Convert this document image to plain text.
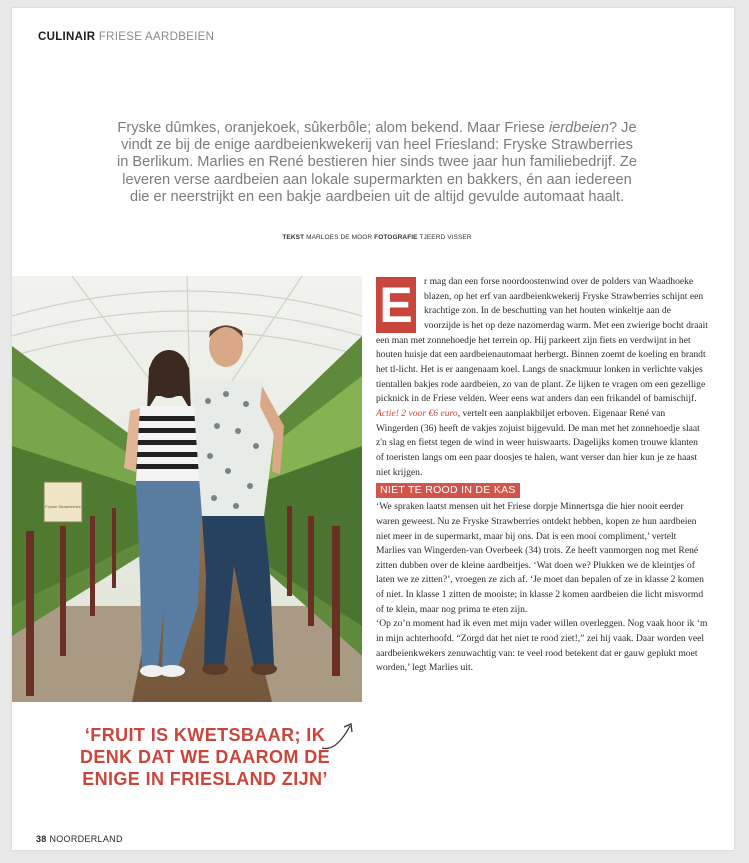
CULINAIR FRIESE AARDBEIEN
Fryske dûmkes, oranjekoek, sûkerbôle; alom bekend. Maar Friese ierdbeien? Je vindt ze bij de enige aardbeienkwekerij van heel Friesland: Fryske Strawberries in Berlikum. Marlies en René bestieren hier sinds twee jaar hun familiebedrijf. Ze leveren verse aardbeien aan lokale supermarkten en bakkers, én aan iedereen die er neerstrijkt en een bakje aardbeien uit de altijd gevulde automaat haalt.
TEKST MARLOES DE MOOR FOTOGRAFIE TJEERD VISSER
Fryske Strawberries
‘FRUIT IS KWETSBAAR; IK DENK DAT WE DAAROM DE ENIGE IN FRIESLAND ZIJN’
E	r mag dan een forse noordoostenwind over de polders van Waadhoeke blazen, op het erf van aardbeienkwekerij Fryske Strawberries schijnt een krachtige zon. In de beschutting van het houten winkeltje aan de voorzijde is het op deze nazomerdag warm. Met een zwierige bocht draait een man met zonnehoedje het terrein op. Hij parkeert zijn fiets en verdwijnt in het houten huisje dat een aardbeienautomaat herbergt. Binnen zoemt de koeling en brandt het tl-licht. Het is er aangenaam koel. Langs de snackmuur lonken in verlichte vakjes tientallen bakjes rode aardbeien, zo van de plant. Ze lijken te vragen om een gezellige picknick in de Friese velden. Weer eens wat anders dan een frikandel of bamischijf. Actie! 2 voor €6 euro, vertelt een aanplakbiljet erboven. Eigenaar René van Wingerden (36) heeft de vakjes zojuist bijgevuld. De man met het zonnehoedje slaat z'n slag en fietst tegen de wind in weer huiswaarts. Dagelijks komen trouwe klanten of toeristen langs om een paar doosjes te halen, want verser dan hier kun je ze haast niet krijgen.

NIET TE ROOD IN DE KAS

‘We spraken laatst mensen uit het Friese dorpje Minnertsga die hier nooit eerder waren geweest. Nu ze Fryske Strawberries ontdekt hebben, kopen ze hun aardbeien niet meer in de supermarkt, maar bij ons. Dat is een mooi compliment,’ vertelt Marlies van Wingerden-van Overbeek (34) trots. Ze heeft vanmorgen nog met René zitten dubben over de kleine aardbeitjes. ‘Wat doen we? Plukken we de kleintjes of laten we ze zitten?’, vroegen ze zich af. ‘Je moet dan bepalen of ze in klasse 2 komen of niet. In klasse 1 zitten de mooiste; in klasse 2 komen aardbeien die licht misvormd of te klein, maar nog prima te eten zijn.

‘Op zo’n moment had ik even met mijn vader willen overleggen. Nog vaak hoor ik ‘m in mijn achterhoofd. “Zorgd dat het niet te rood ziet!,” zei hij vaak. Daar worden veel aardbeienkwekers zenuwachtig van: te veel rood betekent dat er gauw geplukt moet worden,’ legt Marlies uit.

38 NOORDERLAND
